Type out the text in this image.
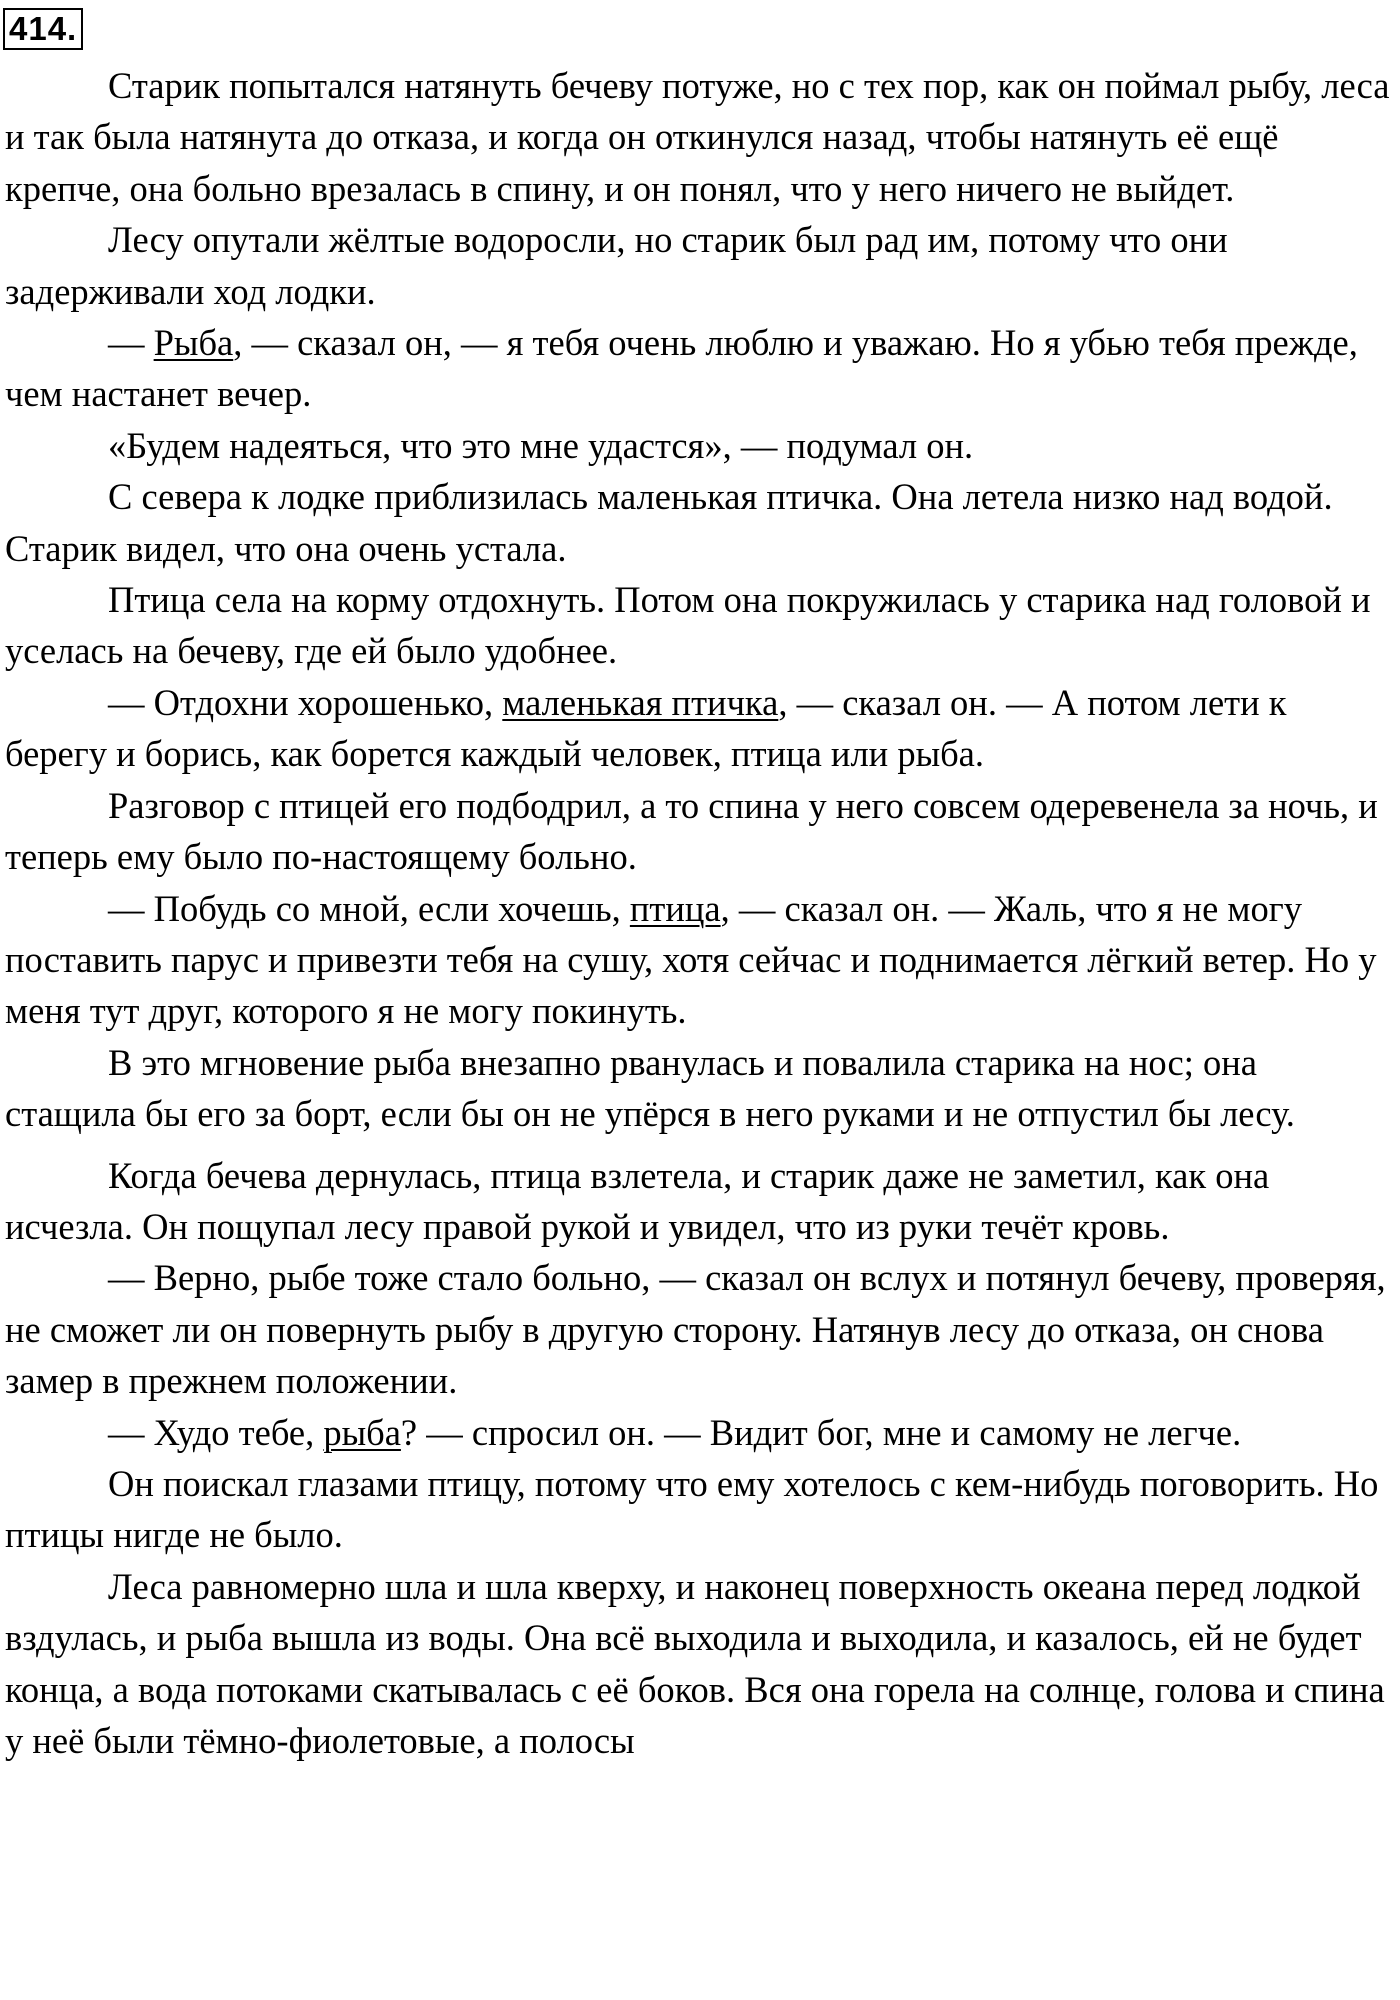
414.

Старик попытался натянуть бечеву потуже, но с тех пор, как он поймал рыбу, леса и так была натянута до отказа, и когда он откинулся назад, чтобы натянуть её ещё крепче, она больно врезалась в спину, и он понял, что у него ничего не выйдет.

Лесу опутали жёлтые водоросли, но старик был рад им, потому что они задерживали ход лодки.

— Рыба, — сказал он, — я тебя очень люблю и уважаю. Но я убью тебя прежде, чем настанет вечер.

«Будем надеяться, что это мне удастся», — подумал он.

С севера к лодке приблизилась маленькая птичка. Она летела низко над водой. Старик видел, что она очень устала.

Птица села на корму отдохнуть. Потом она покружилась у старика над головой и уселась на бечеву, где ей было удобнее.

— Отдохни хорошенько, маленькая птичка, — сказал он. — А потом лети к берегу и борись, как борется каждый человек, птица или рыба.

Разговор с птицей его подбодрил, а то спина у него совсем одеревенела за ночь, и теперь ему было по-настоящему больно.

— Побудь со мной, если хочешь, птица, — сказал он. — Жаль, что я не могу поставить парус и привезти тебя на сушу, хотя сейчас и поднимается лёгкий ветер. Но у меня тут друг, которого я не могу покинуть.

В это мгновение рыба внезапно рванулась и повалила старика на нос; она стащила бы его за борт, если бы он не упёрся в него руками и не отпустил бы лесу.

Когда бечева дернулась, птица взлетела, и старик даже не заметил, как она исчезла. Он пощупал лесу правой рукой и увидел, что из руки течёт кровь.

— Верно, рыбе тоже стало больно, — сказал он вслух и потянул бечеву, проверяя, не сможет ли он повернуть рыбу в другую сторону. Натянув лесу до отказа, он снова замер в прежнем положении.

— Худо тебе, рыба? — спросил он. — Видит бог, мне и самому не легче.

Он поискал глазами птицу, потому что ему хотелось с кем-нибудь поговорить. Но птицы нигде не было.

Леса равномерно шла и шла кверху, и наконец поверхность океана перед лодкой вздулась, и рыба вышла из воды. Она всё выходила и выходила, и казалось, ей не будет конца, а вода потоками скатывалась с её боков. Вся она горела на солнце, голова и спина у неё были тёмно-фиолетовые, а полосы
